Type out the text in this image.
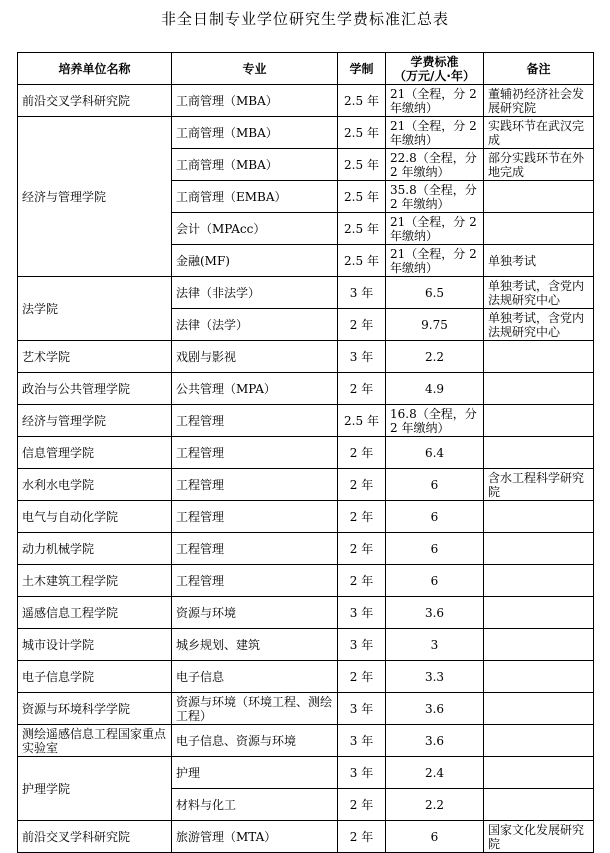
非全日制专业学位研究生学费标准汇总表
培养单位名称	专业	学制	学费标准
（万元/人·年）	备注
前沿交叉学科研究院	工商管理（MBA）	2.5 年	21（全程，分 2 年缴纳）	董辅礽经济社会发展研究院
经济与管理学院	工商管理（MBA）	2.5 年	21（全程，分 2 年缴纳）	实践环节在武汉完成
	工商管理（MBA）	2.5 年	22.8（全程，分 2 年缴纳）	部分实践环节在外地完成
	工商管理（EMBA）	2.5 年	35.8（全程，分 2 年缴纳）	
	会计（MPAcc）	2.5 年	21（全程，分 2 年缴纳）	
	金融(MF)	2.5 年	21（全程，分 2 年缴纳）	单独考试
法学院	法律（非法学）	3 年	6.5	单独考试，含党内法规研究中心
	法律（法学）	2 年	9.75	单独考试，含党内法规研究中心
艺术学院	戏剧与影视	3 年	2.2	
政治与公共管理学院	公共管理（MPA）	2 年	4.9	
经济与管理学院	工程管理	2.5 年	16.8（全程，分 2 年缴纳）	
信息管理学院	工程管理	2 年	6.4	
水利水电学院	工程管理	2 年	6	含水工程科学研究院
电气与自动化学院	工程管理	2 年	6	
动力机械学院	工程管理	2 年	6	
土木建筑工程学院	工程管理	2 年	6	
遥感信息工程学院	资源与环境	3 年	3.6	
城市设计学院	城乡规划、建筑	3 年	3	
电子信息学院	电子信息	2 年	3.3	
资源与环境科学学院	资源与环境（环境工程、测绘工程）	3 年	3.6	
测绘遥感信息工程国家重点实验室	电子信息、资源与环境	3 年	3.6	
护理学院	护理	3 年	2.4	
	材料与化工	2 年	2.2	
前沿交叉学科研究院	旅游管理（MTA）	2 年	6	国家文化发展研究院
